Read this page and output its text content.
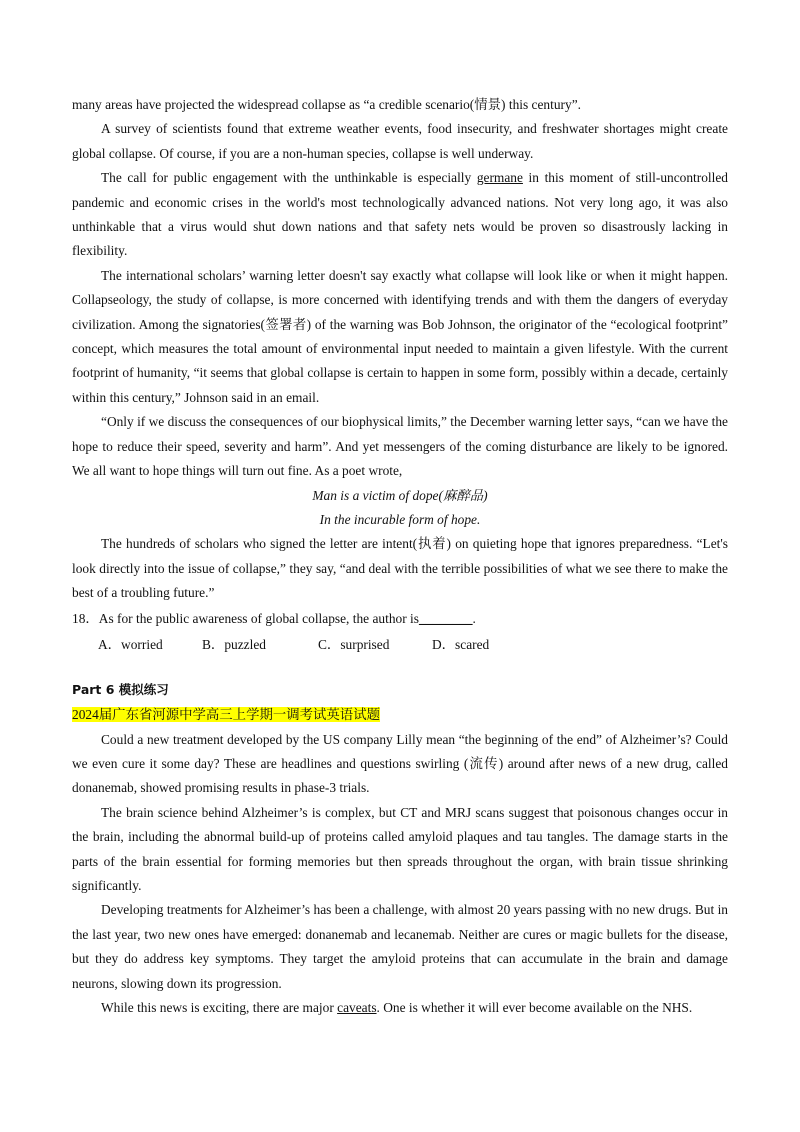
many areas have projected the widespread collapse as “a credible scenario(情景) this century”.

A survey of scientists found that extreme weather events, food insecurity, and freshwater shortages might create global collapse. Of course, if you are a non-human species, collapse is well underway.

The call for public engagement with the unthinkable is especially germane in this moment of still-uncontrolled pandemic and economic crises in the world's most technologically advanced nations. Not very long ago, it was also unthinkable that a virus would shut down nations and that safety nets would be proven so disastrously lacking in flexibility.

The international scholars’ warning letter doesn't say exactly what collapse will look like or when it might happen. Collapseology, the study of collapse, is more concerned with identifying trends and with them the dangers of everyday civilization. Among the signatories(签署者) of the warning was Bob Johnson, the originator of the “ecological footprint” concept, which measures the total amount of environmental input needed to maintain a given lifestyle. With the current footprint of humanity, “it seems that global collapse is certain to happen in some form, possibly within a decade, certainly within this century,” Johnson said in an email.

“Only if we discuss the consequences of our biophysical limits,” the December warning letter says, “can we have the hope to reduce their speed, severity and harm”. And yet messengers of the coming disturbance are likely to be ignored. We all want to hope things will turn out fine. As a poet wrote,

Man is a victim of dope(麻醉品)

In the incurable form of hope.

The hundreds of scholars who signed the letter are intent(执着) on quieting hope that ignores preparedness. “Let's look directly into the issue of collapse,” they say, “and deal with the terrible possibilities of what we see there to make the best of a troubling future.”

18．As for the public awareness of global collapse, the author is________.

A．worried	B．puzzled	C．surprised	D．scared

Part 6 模拟练习

2024届广东省河源中学高三上学期一调考试英语试题

Could a new treatment developed by the US company Lilly mean “the beginning of the end” of Alzheimer’s? Could we even cure it some day? These are headlines and questions swirling (流传) around after news of a new drug, called donanemab, showed promising results in phase-3 trials.

The brain science behind Alzheimer’s is complex, but CT and MRJ scans suggest that poisonous changes occur in the brain, including the abnormal build-up of proteins called amyloid plaques and tau tangles. The damage starts in the parts of the brain essential for forming memories but then spreads throughout the organ, with brain tissue shrinking significantly.

Developing treatments for Alzheimer’s has been a challenge, with almost 20 years passing with no new drugs. But in the last year, two new ones have emerged: donanemab and lecanemab. Neither are cures or magic bullets for the disease, but they do address key symptoms. They target the amyloid proteins that can accumulate in the brain and damage neurons, slowing down its progression.

While this news is exciting, there are major caveats. One is whether it will ever become available on the NHS.
